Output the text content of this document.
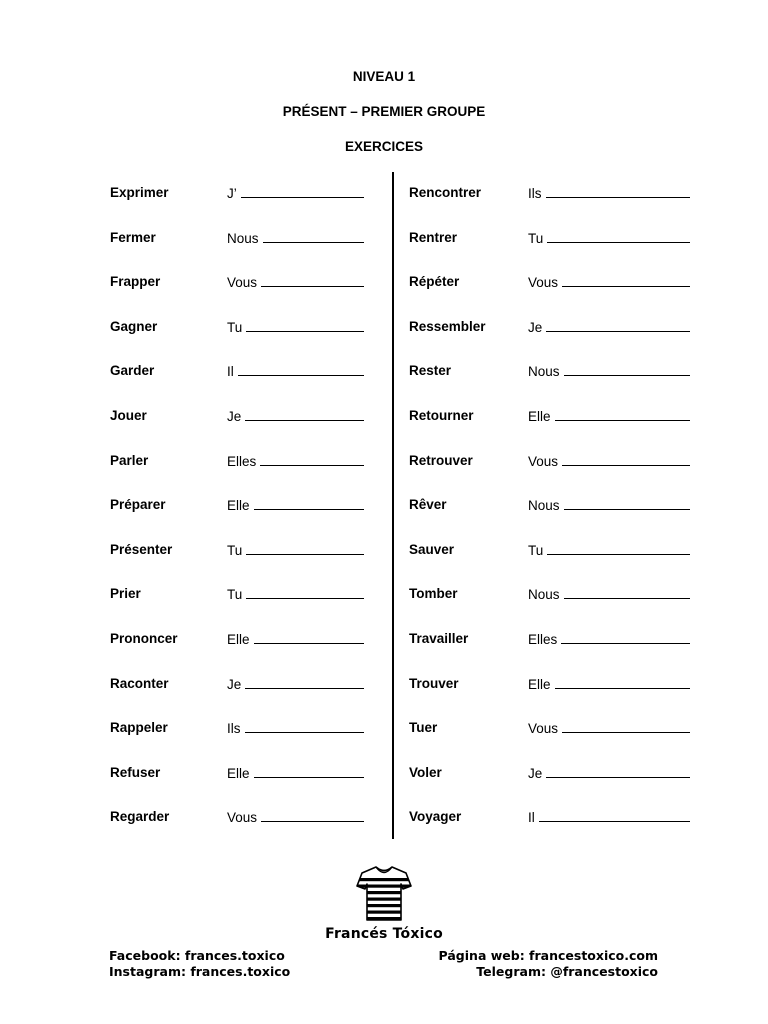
NIVEAU 1
PRÉSENT – PREMIER GROUPE
EXERCICES
Exprimer	J’
Fermer	Nous
Frapper	Vous
Gagner	Tu
Garder	Il
Jouer	Je
Parler	Elles
Préparer	Elle
Présenter	Tu
Prier	Tu
Prononcer	Elle
Raconter	Je
Rappeler	Ils
Refuser	Elle
Regarder	Vous
Rencontrer	Ils
Rentrer	Tu
Répéter	Vous
Ressembler	Je
Rester	Nous
Retourner	Elle
Retrouver	Vous
Rêver	Nous
Sauver	Tu
Tomber	Nous
Travailler	Elles
Trouver	Elle
Tuer	Vous
Voler	Je
Voyager	Il
Francés Tóxico
Facebook: frances.toxico
Instagram: frances.toxico
Página web: francestoxico.com
Telegram: @francestoxico
